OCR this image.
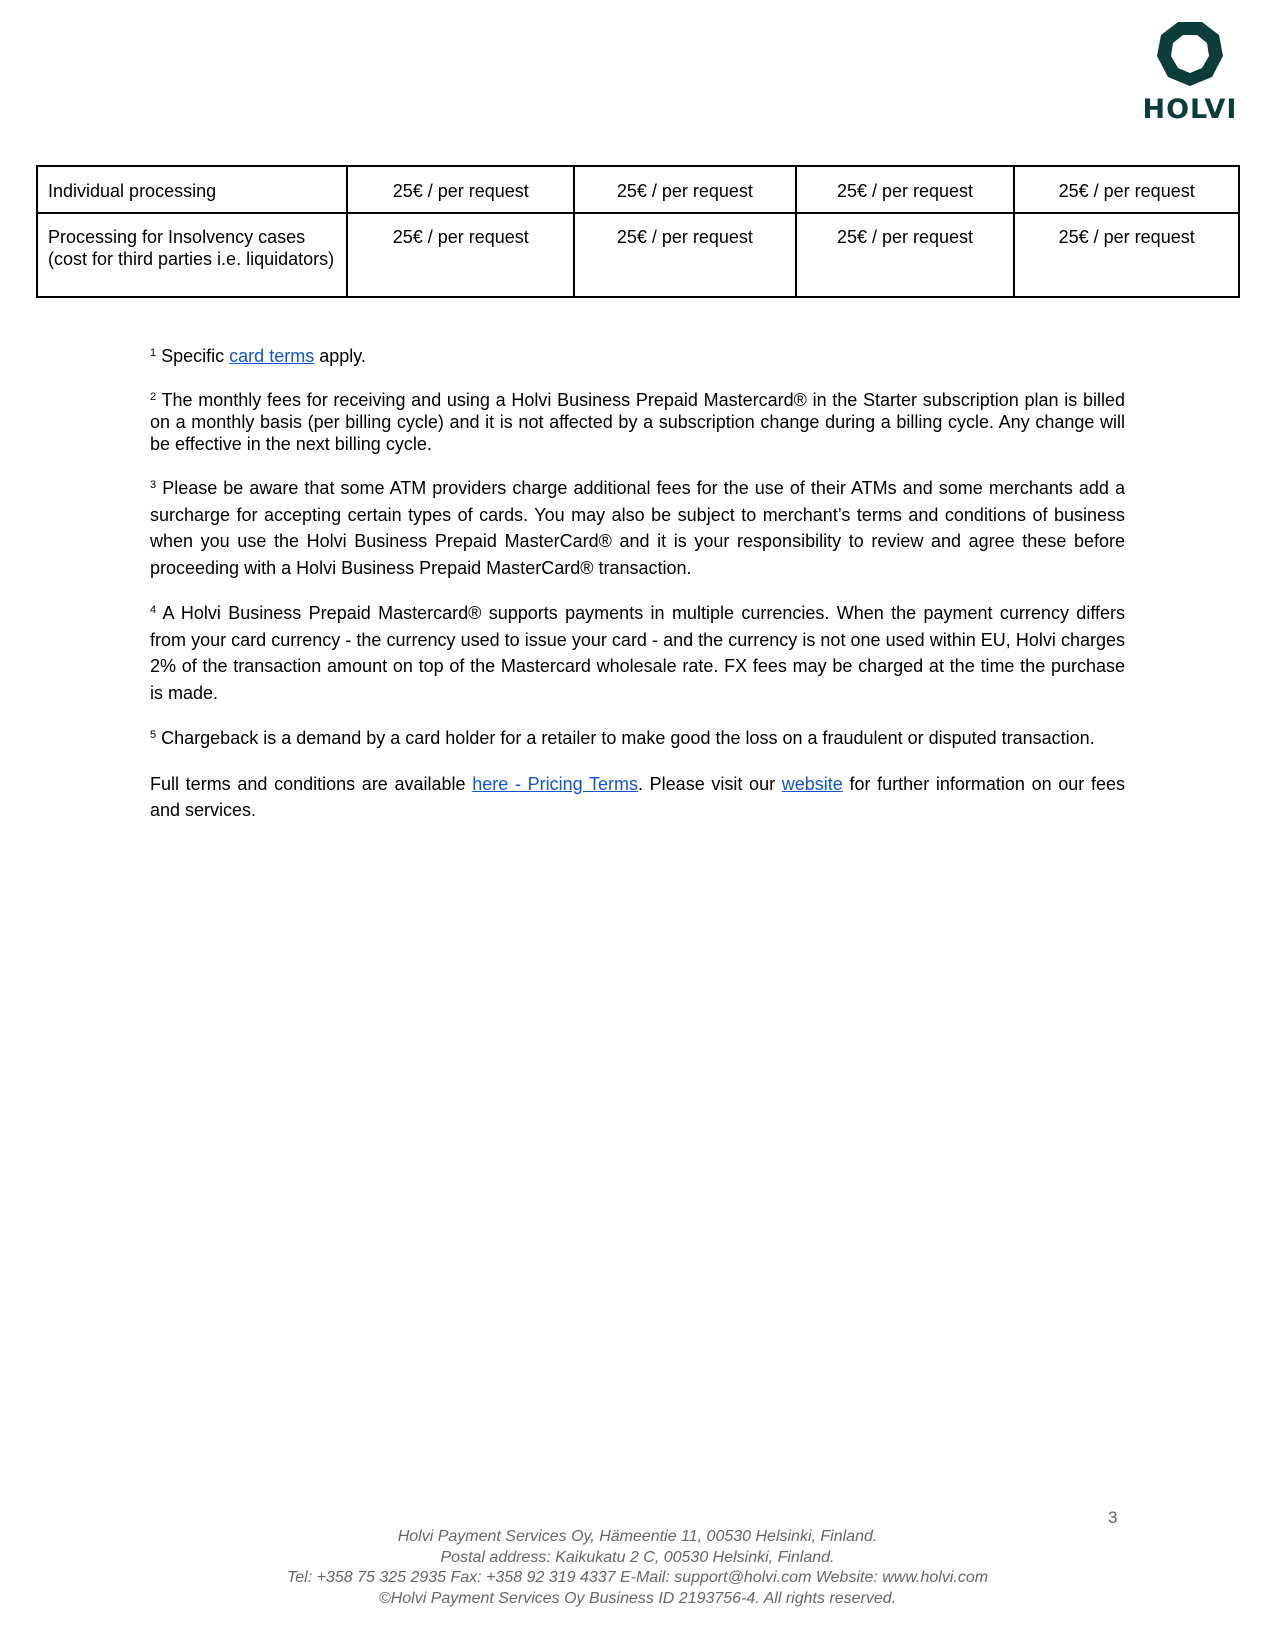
HOLVI
Individual processing	25€ / per request	25€ / per request	25€ / per request	25€ / per request
Processing for Insolvency cases (cost for third parties i.e. liquidators)	25€ / per request	25€ / per request	25€ / per request	25€ / per request

$^1$ Specific card terms apply.

$^2$ The monthly fees for receiving and using a Holvi Business Prepaid Mastercard® in the Starter subscription plan is billed on a monthly basis (per billing cycle) and it is not affected by a subscription change during a billing cycle. Any change will be effective in the next billing cycle.

$^3$ Please be aware that some ATM providers charge additional fees for the use of their ATMs and some merchants add a surcharge for accepting certain types of cards. You may also be subject to merchant’s terms and conditions of business when you use the Holvi Business Prepaid MasterCard® and it is your responsibility to review and agree these before proceeding with a Holvi Business Prepaid MasterCard® transaction.

$^4$ A Holvi Business Prepaid Mastercard® supports payments in multiple currencies. When the payment currency differs from your card currency - the currency used to issue your card - and the currency is not one used within EU, Holvi charges 2% of the transaction amount on top of the Mastercard wholesale rate. FX fees may be charged at the time the purchase is made.

$^5$ Chargeback is a demand by a card holder for a retailer to make good the loss on a fraudulent or disputed transaction.

Full terms and conditions are available here - Pricing Terms. Please visit our website for further information on our fees and services.

3
Holvi Payment Services Oy, Hämeentie 11, 00530 Helsinki, Finland.
Postal address: Kaikukatu 2 C, 00530 Helsinki, Finland.
Tel: +358 75 325 2935 Fax: +358 92 319 4337 E-Mail: support@holvi.com Website: www.holvi.com
©Holvi Payment Services Oy Business ID 2193756-4. All rights reserved.
